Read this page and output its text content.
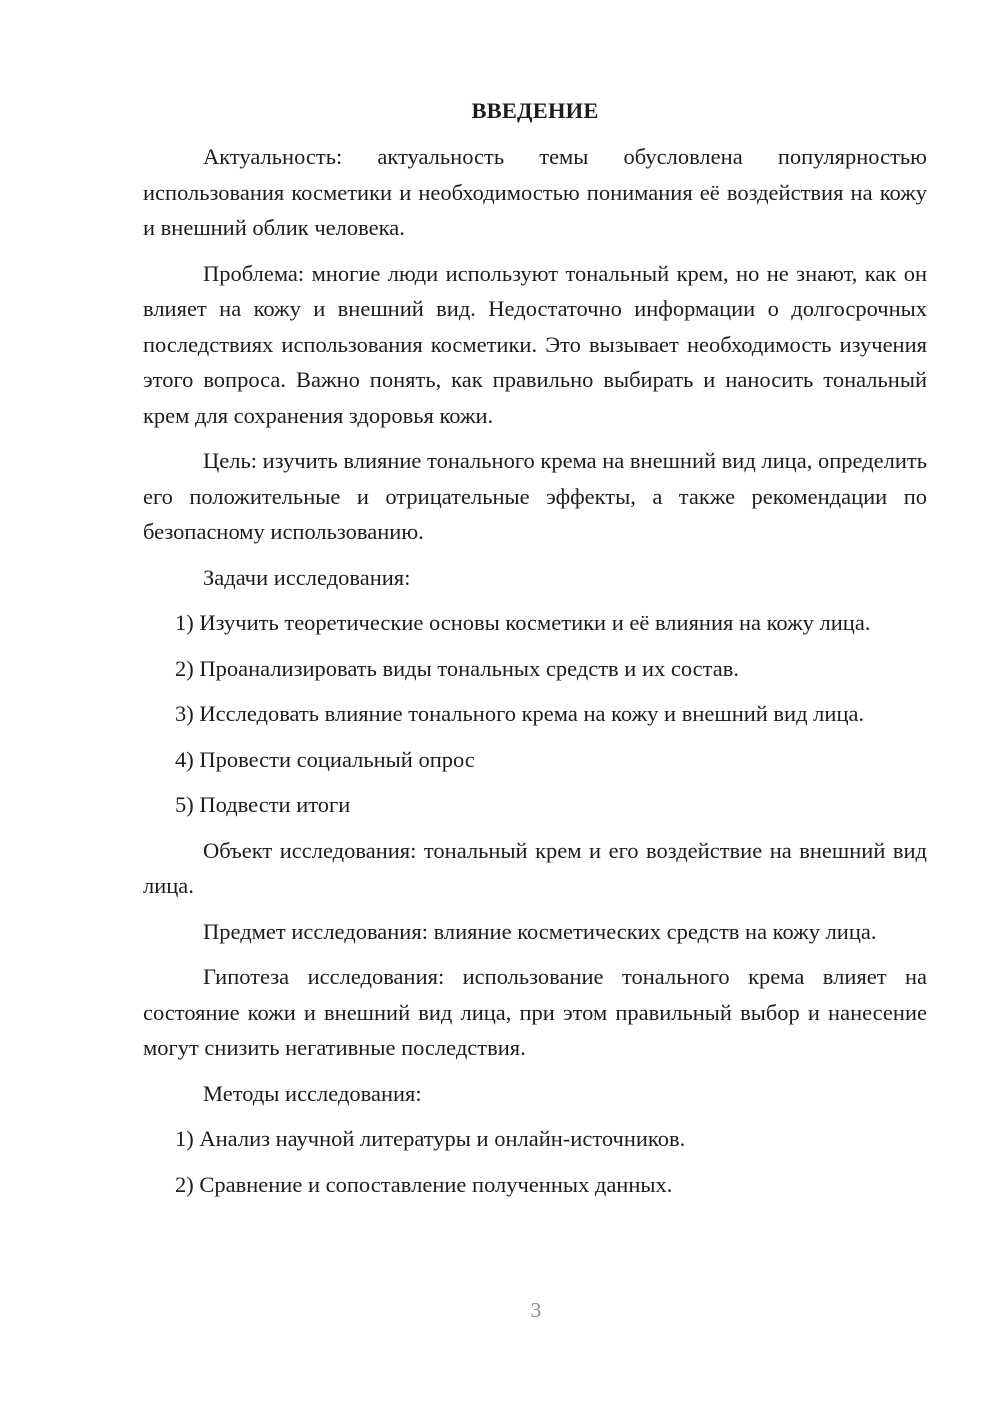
ВВЕДЕНИЕ
Актуальность: актуальность темы обусловлена популярностью использования косметики и необходимостью понимания её воздействия на кожу и внешний облик человека.
Проблема: многие люди используют тональный крем, но не знают, как он влияет на кожу и внешний вид. Недостаточно информации о долгосрочных последствиях использования косметики. Это вызывает необходимость изучения этого вопроса. Важно понять, как правильно выбирать и наносить тональный крем для сохранения здоровья кожи.
Цель: изучить влияние тонального крема на внешний вид лица, определить его положительные и отрицательные эффекты, а также рекомендации по безопасному использованию.
Задачи исследования:
1) Изучить теоретические основы косметики и её влияния на кожу лица.
2) Проанализировать виды тональных средств и их состав.
3) Исследовать влияние тонального крема на кожу и внешний вид лица.
4) Провести социальный опрос
5) Подвести итоги
Объект исследования: тональный крем и его воздействие на внешний вид лица.
Предмет исследования: влияние косметических средств на кожу лица.
Гипотеза исследования: использование тонального крема влияет на состояние кожи и внешний вид лица, при этом правильный выбор и нанесение могут снизить негативные последствия.
Методы исследования:
1) Анализ научной литературы и онлайн-источников.
2) Сравнение и сопоставление полученных данных.
3
